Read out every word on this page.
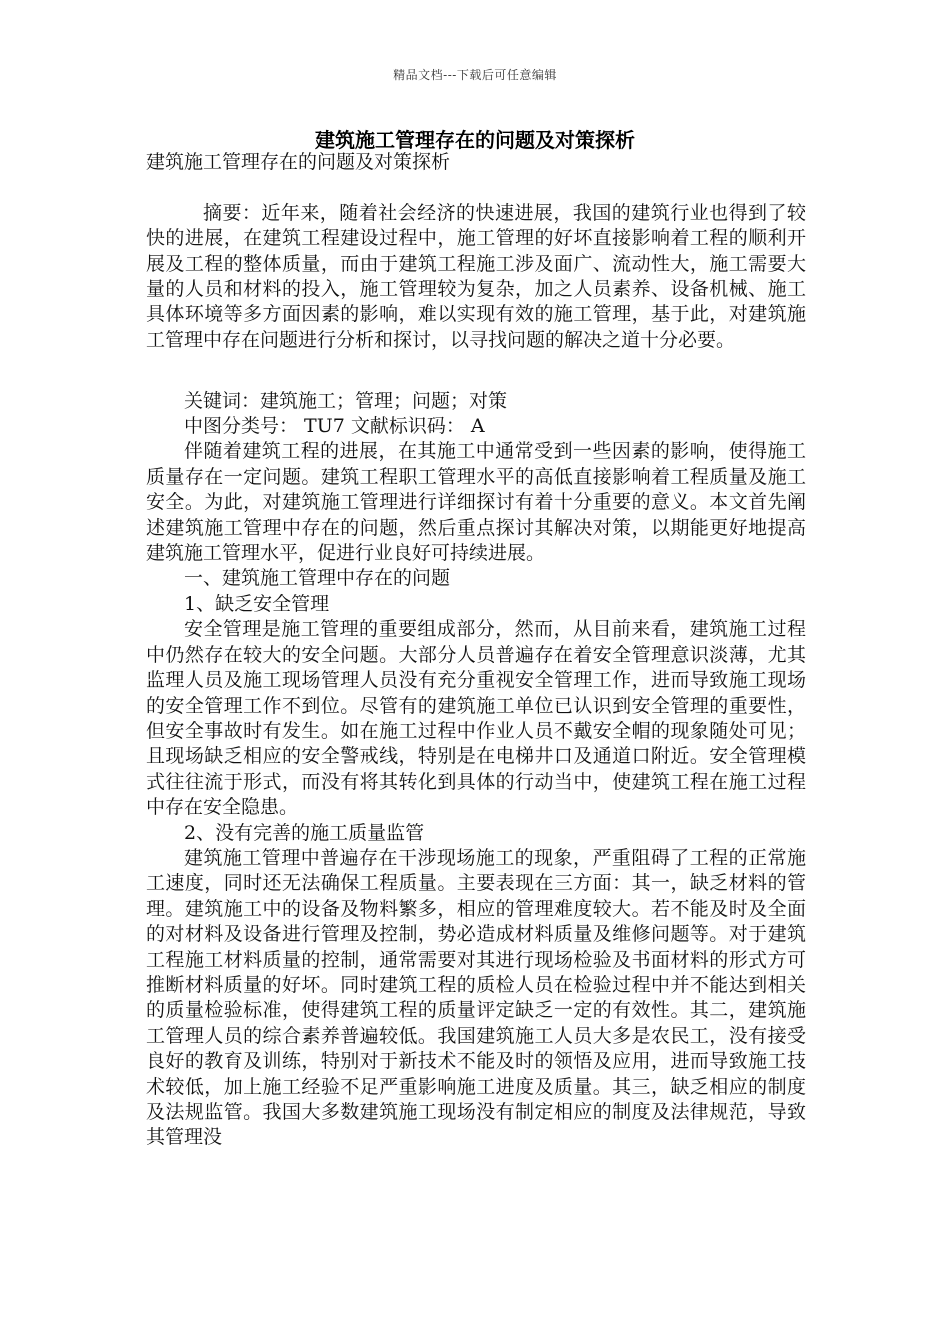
精品文档---下载后可任意编辑
建筑施工管理存在的问题及对策探析
建筑施工管理存在的问题及对策探析

摘要：近年来，随着社会经济的快速进展，我国的建筑行业也得到了较快的进展，在建筑工程建设过程中，施工管理的好坏直接影响着工程的顺利开展及工程的整体质量，而由于建筑工程施工涉及面广、流动性大，施工需要大量的人员和材料的投入，施工管理较为复杂，加之人员素养、设备机械、施工具体环境等多方面因素的影响，难以实现有效的施工管理，基于此，对建筑施工管理中存在问题进行分析和探讨，以寻找问题的解决之道十分必要。

关键词：建筑施工；管理；问题；对策

中图分类号： TU7 文献标识码： A

伴随着建筑工程的进展，在其施工中通常受到一些因素的影响，使得施工质量存在一定问题。建筑工程职工管理水平的高低直接影响着工程质量及施工安全。为此，对建筑施工管理进行详细探讨有着十分重要的意义。本文首先阐述建筑施工管理中存在的问题，然后重点探讨其解决对策，以期能更好地提高建筑施工管理水平，促进行业良好可持续进展。

一、建筑施工管理中存在的问题

1、缺乏安全管理

安全管理是施工管理的重要组成部分，然而，从目前来看，建筑施工过程中仍然存在较大的安全问题。大部分人员普遍存在着安全管理意识淡薄，尤其监理人员及施工现场管理人员没有充分重视安全管理工作，进而导致施工现场的安全管理工作不到位。尽管有的建筑施工单位已认识到安全管理的重要性，但安全事故时有发生。如在施工过程中作业人员不戴安全帽的现象随处可见；且现场缺乏相应的安全警戒线，特别是在电梯井口及通道口附近。安全管理模式往往流于形式，而没有将其转化到具体的行动当中，使建筑工程在施工过程中存在安全隐患。

2、没有完善的施工质量监管

建筑施工管理中普遍存在干涉现场施工的现象，严重阻碍了工程的正常施工速度，同时还无法确保工程质量。主要表现在三方面：其一，缺乏材料的管理。建筑施工中的设备及物料繁多，相应的管理难度较大。若不能及时及全面的对材料及设备进行管理及控制，势必造成材料质量及维修问题等。对于建筑工程施工材料质量的控制，通常需要对其进行现场检验及书面材料的形式方可推断材料质量的好坏。同时建筑工程的质检人员在检验过程中并不能达到相关的质量检验标准，使得建筑工程的质量评定缺乏一定的有效性。其二，建筑施工管理人员的综合素养普遍较低。我国建筑施工人员大多是农民工，没有接受良好的教育及训练，特别对于新技术不能及时的领悟及应用，进而导致施工技术较低，加上施工经验不足严重影响施工进度及质量。其三，缺乏相应的制度及法规监管。我国大多数建筑施工现场没有制定相应的制度及法律规范，导致其管理没
